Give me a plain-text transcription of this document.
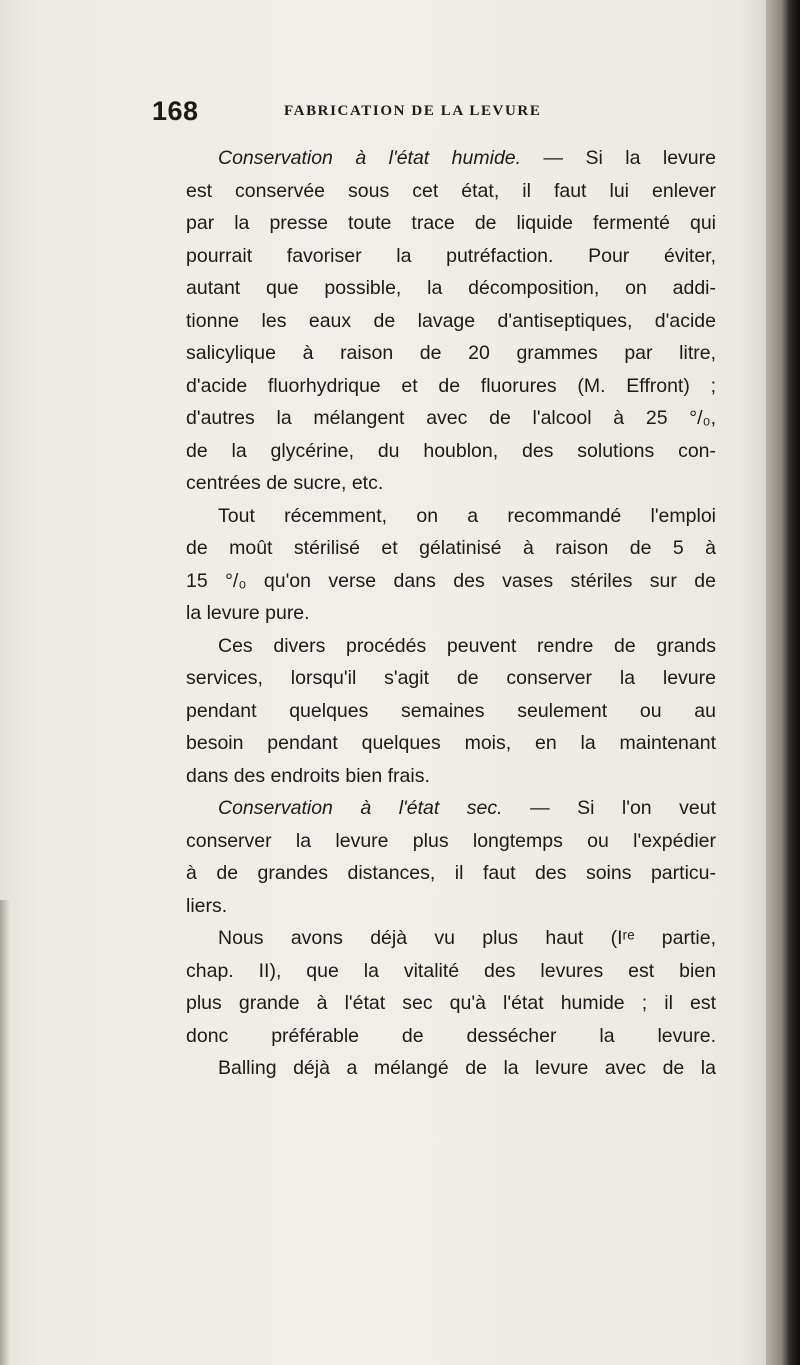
168	FABRICATION DE LA LEVURE
Conservation à l'état humide. — Si la levure
est conservée sous cet état, il faut lui enlever
par la presse toute trace de liquide fermenté qui
pourrait favoriser la putréfaction. Pour éviter,
autant que possible, la décomposition, on addi-
tionne les eaux de lavage d'antiseptiques, d'acide
salicylique à raison de 20 grammes par litre,
d'acide fluorhydrique et de fluorures (M. Effront) ;
d'autres la mélangent avec de l'alcool à 25 °/₀,
de la glycérine, du houblon, des solutions con-
centrées de sucre, etc.
Tout récemment, on a recommandé l'emploi
de moût stérilisé et gélatinisé à raison de 5 à
15 °/₀ qu'on verse dans des vases stériles sur de
la levure pure.
Ces divers procédés peuvent rendre de grands
services, lorsqu'il s'agit de conserver la levure
pendant quelques semaines seulement ou au
besoin pendant quelques mois, en la maintenant
dans des endroits bien frais.
Conservation à l'état sec. — Si l'on veut
conserver la levure plus longtemps ou l'expédier
à de grandes distances, il faut des soins particu-
liers.
Nous avons déjà vu plus haut (Iʳᵉ partie,
chap. II), que la vitalité des levures est bien
plus grande à l'état sec qu'à l'état humide ; il est
donc préférable de dessécher la levure.
Balling déjà a mélangé de la levure avec de la
